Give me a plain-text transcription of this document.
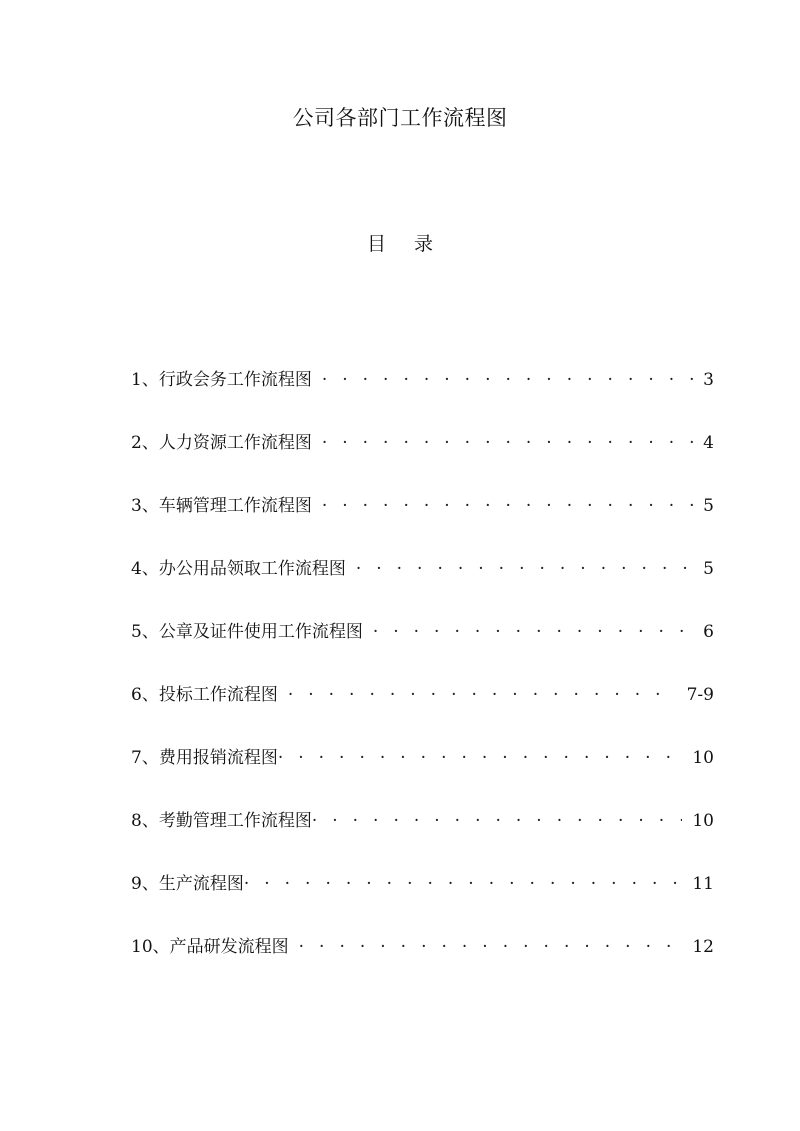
公司各部门工作流程图
目 录
1、行政会务工作流程图 · · ·	3
2、人力资源工作流程图 · · ·	4
3、车辆管理工作流程图 · · ·	5
4、办公用品领取工作流程图 · · ·	5
5、公章及证件使用工作流程图 · · ·	6
6、投标工作流程图 · · ·	7-9
7、费用报销流程图 · · ·	10
8、考勤管理工作流程图 · · ·	10
9、生产流程图 · · ·	11
10、产品研发流程图 · · ·	12
